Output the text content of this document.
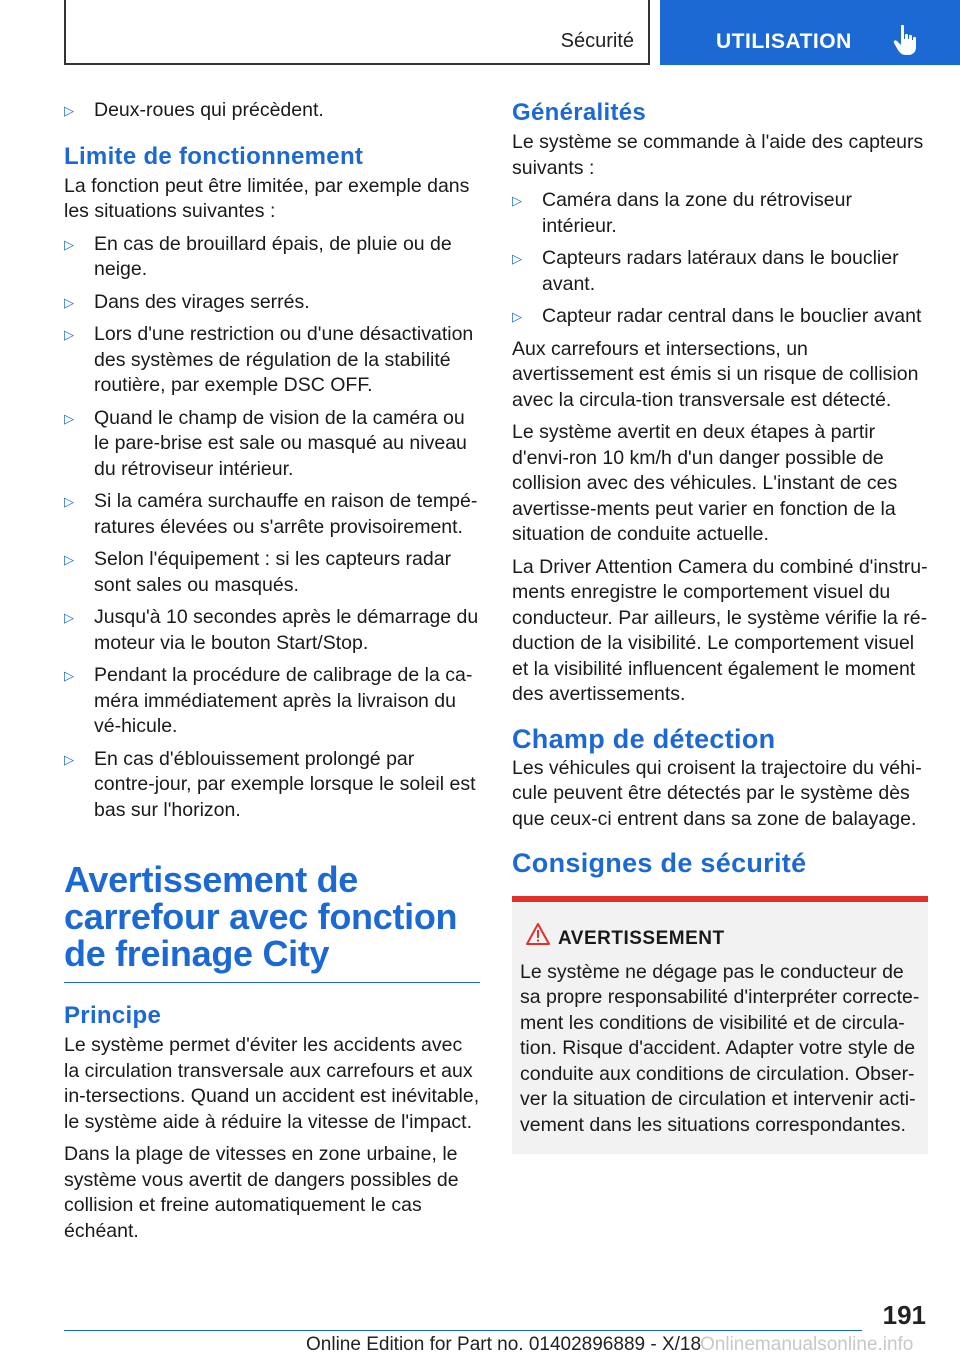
Sécurité	UTILISATION
▷ Deux-roues qui précèdent.
Limite de fonctionnement

La fonction peut être limitée, par exemple dans les situations suivantes :

▷ En cas de brouillard épais, de pluie ou de neige.
▷ Dans des virages serrés.
▷ Lors d'une restriction ou d'une désactivation des systèmes de régulation de la stabilité routière, par exemple DSC OFF.
▷ Quand le champ de vision de la caméra ou le pare-brise est sale ou masqué au niveau du rétroviseur intérieur.
▷ Si la caméra surchauffe en raison de tempé-ratures élevées ou s'arrête provisoirement.
▷ Selon l'équipement : si les capteurs radar sont sales ou masqués.
▷ Jusqu'à 10 secondes après le démarrage du moteur via le bouton Start/Stop.
▷ Pendant la procédure de calibrage de la ca-méra immédiatement après la livraison du vé-hicule.
▷ En cas d'éblouissement prolongé par contre-jour, par exemple lorsque le soleil est bas sur l'horizon.
Avertissement de carrefour avec fonction de freinage City
Principe

Le système permet d'éviter les accidents avec la circulation transversale aux carrefours et aux in-tersections. Quand un accident est inévitable, le système aide à réduire la vitesse de l'impact.

Dans la plage de vitesses en zone urbaine, le système vous avertit de dangers possibles de collision et freine automatiquement le cas échéant.

Généralités

Le système se commande à l'aide des capteurs suivants :

▷ Caméra dans la zone du rétroviseur intérieur.
▷ Capteurs radars latéraux dans le bouclier avant.
▷ Capteur radar central dans le bouclier avant

Aux carrefours et intersections, un avertissement est émis si un risque de collision avec la circula-tion transversale est détecté.

Le système avertit en deux étapes à partir d'envi-ron 10 km/h d'un danger possible de collision avec des véhicules. L'instant de ces avertisse-ments peut varier en fonction de la situation de conduite actuelle.

La Driver Attention Camera du combiné d'instru-ments enregistre le comportement visuel du conducteur. Par ailleurs, le système vérifie la ré-duction de la visibilité. Le comportement visuel et la visibilité influencent également le moment des avertissements.

Champ de détection

Les véhicules qui croisent la trajectoire du véhi-cule peuvent être détectés par le système dès que ceux-ci entrent dans sa zone de balayage.

Consignes de sécurité
AVERTISSEMENT

Le système ne dégage pas le conducteur de sa propre responsabilité d'interpréter correcte-ment les conditions de visibilité et de circula-tion. Risque d'accident. Adapter votre style de conduite aux conditions de circulation. Obser-ver la situation de circulation et intervenir acti-vement dans les situations correspondantes.

191
Online Edition for Part no. 01402896889 - X/18
Onlinemanualsonline.info
